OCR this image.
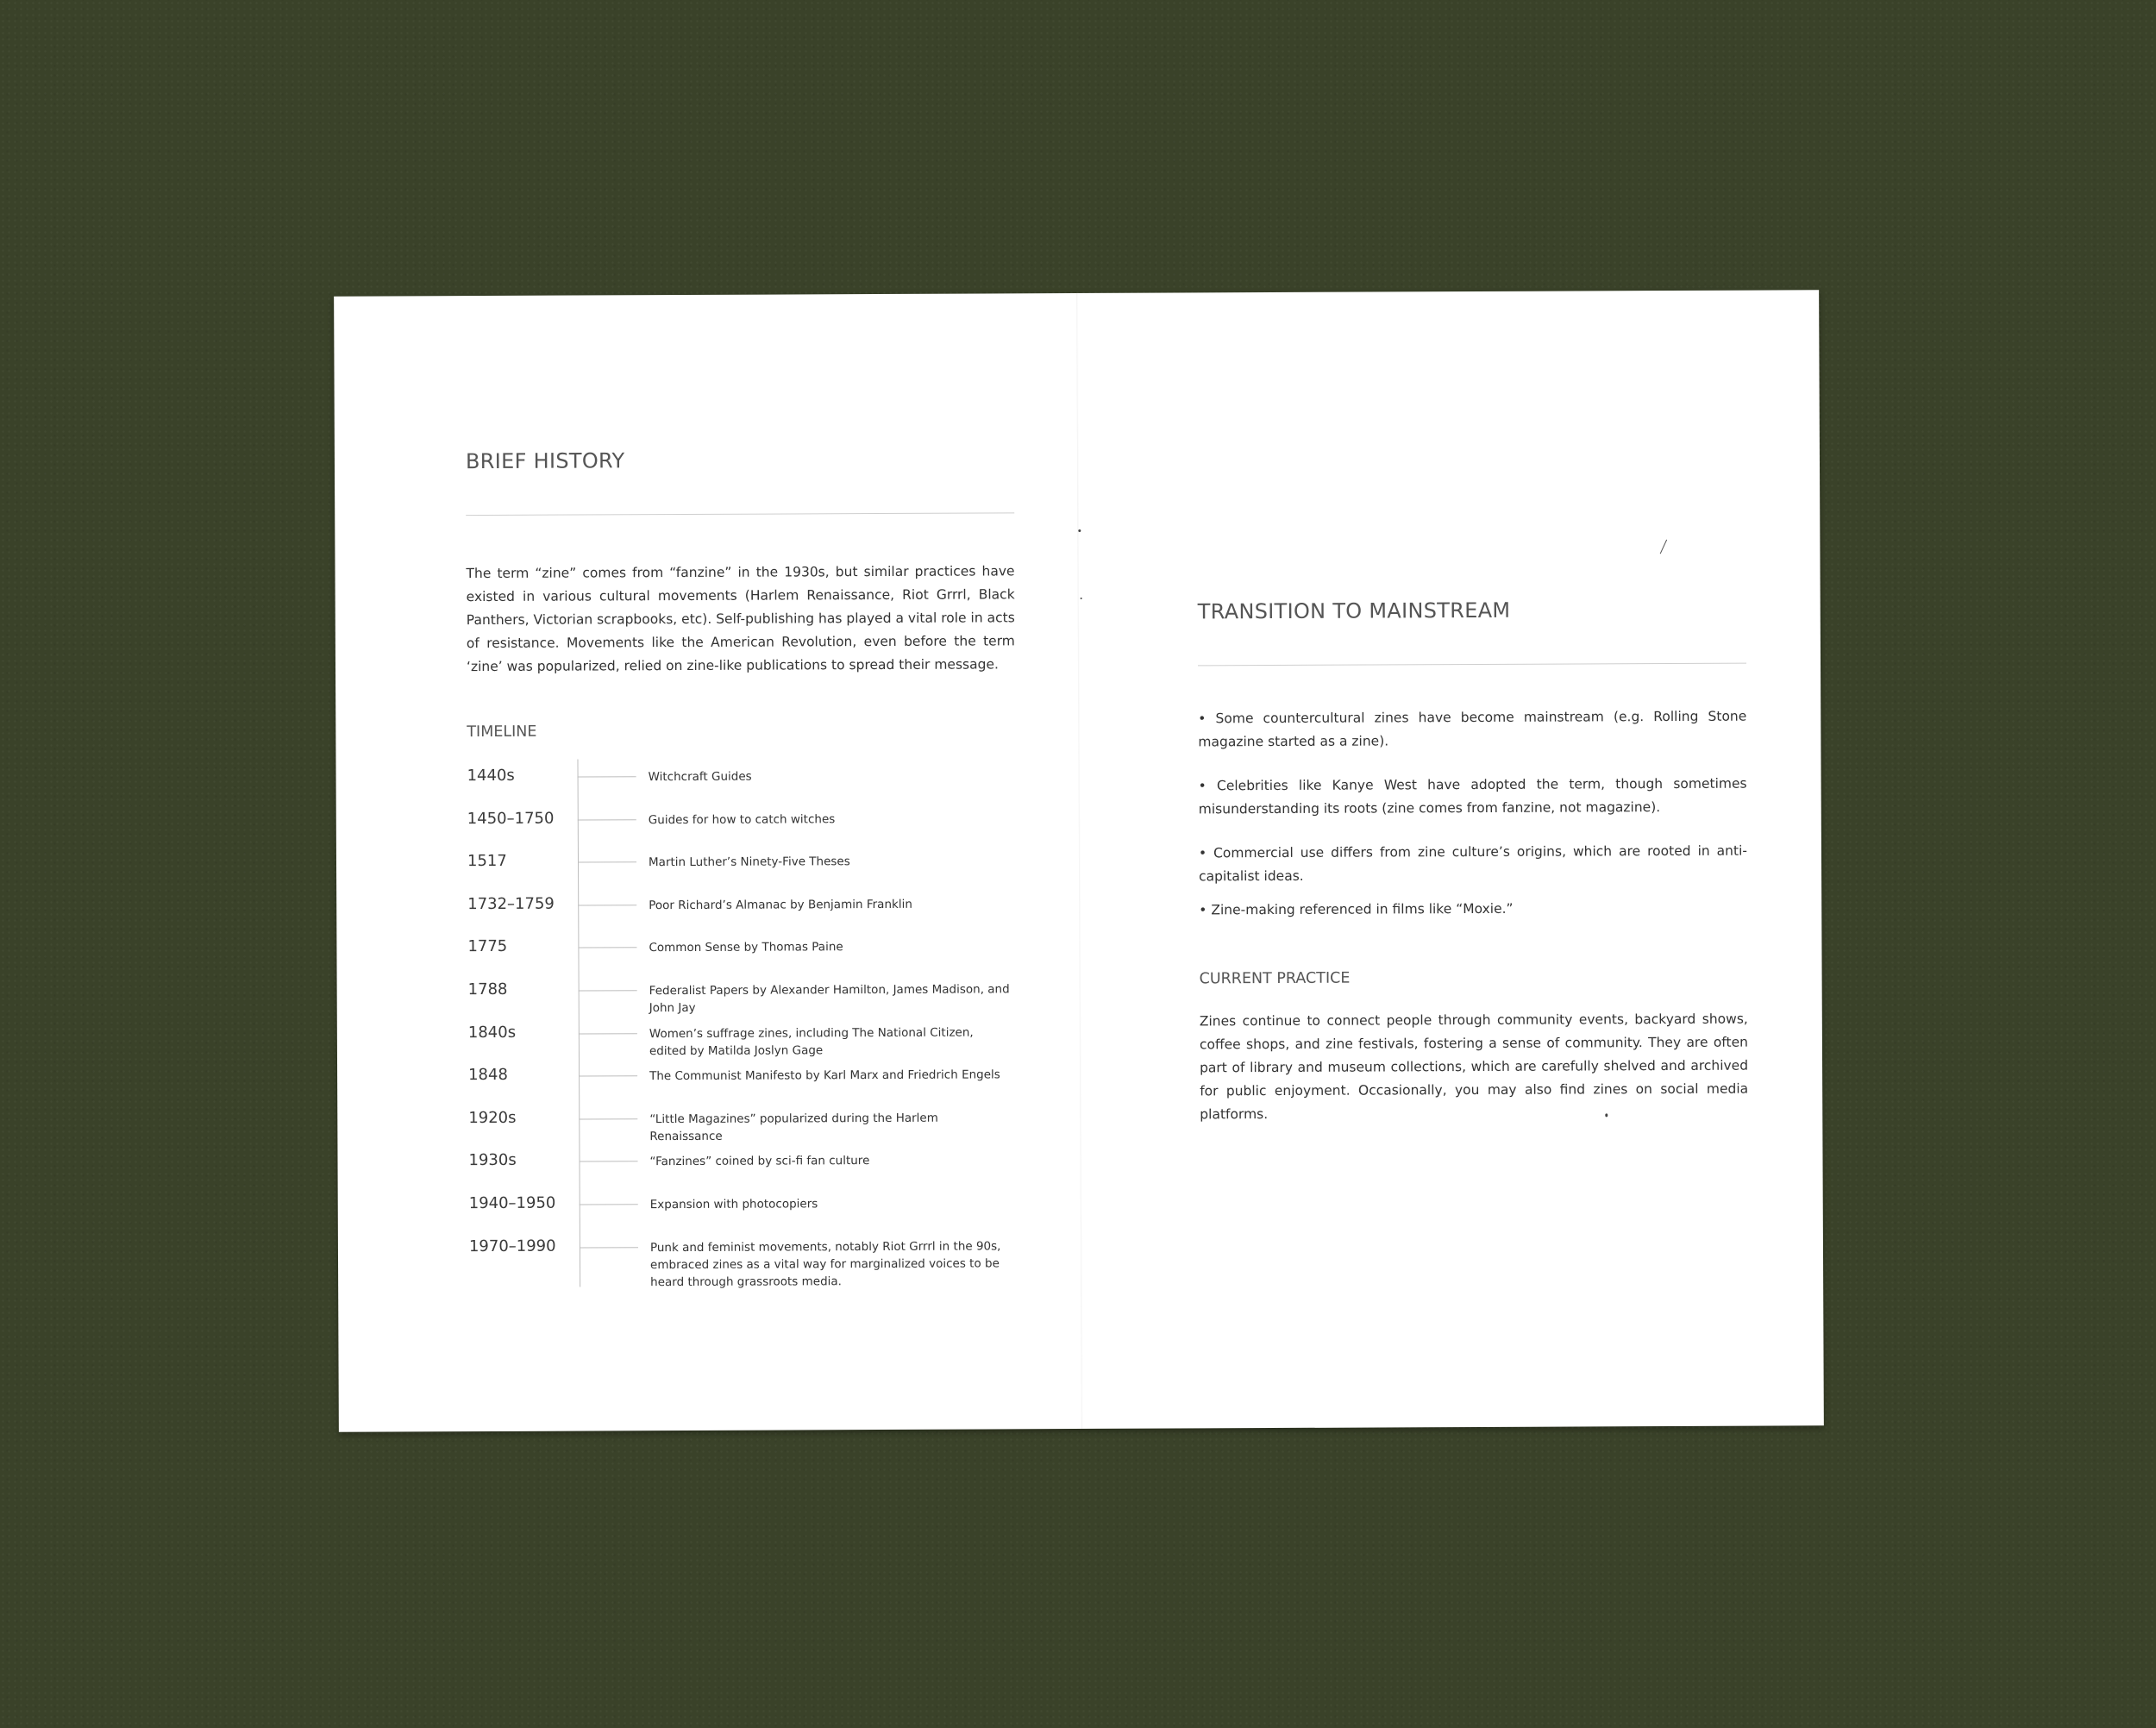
BRIEF HISTORY

The term “zine” comes from “fanzine” in the 1930s, but similar practices have existed in various cultural movements (Harlem Renaissance, Riot Grrrl, Black Panthers, Victorian scrapbooks, etc). Self-publishing has played a vital role in acts of resistance. Movements like the American Revolution, even before the term ‘zine’ was popularized, relied on zine-like publications to spread their message.

TIMELINE
1440s	Witchcraft Guides
1450–1750	Guides for how to catch witches
1517	Martin Luther’s Ninety-Five Theses
1732–1759	Poor Richard’s Almanac by Benjamin Franklin
1775	Common Sense by Thomas Paine
1788	Federalist Papers by Alexander Hamilton, James Madison, and John Jay
1840s	Women’s suffrage zines, including The National Citizen, edited by Matilda Joslyn Gage
1848	The Communist Manifesto by Karl Marx and Friedrich Engels
1920s	“Little Magazines” popularized during the Harlem Renaissance
1930s	“Fanzines” coined by sci-fi fan culture
1940–1950	Expansion with photocopiers
1970–1990	Punk and feminist movements, notably Riot Grrrl in the 90s, embraced zines as a vital way for marginalized voices to be heard through grassroots media.
TRANSITION TO MAINSTREAM

• Some countercultural zines have become mainstream (e.g. Rolling Stone magazine started as a zine).

• Celebrities like Kanye West have adopted the term, though sometimes misunderstanding its roots (zine comes from fanzine, not magazine).

• Commercial use differs from zine culture’s origins, which are rooted in anti-capitalist ideas.

• Zine-making referenced in films like “Moxie.”

CURRENT PRACTICE

Zines continue to connect people through community events, backyard shows, coffee shops, and zine festivals, fostering a sense of community. They are often part of library and museum collections, which are carefully shelved and archived for public enjoyment. Occasionally, you may also find zines on social media platforms.
